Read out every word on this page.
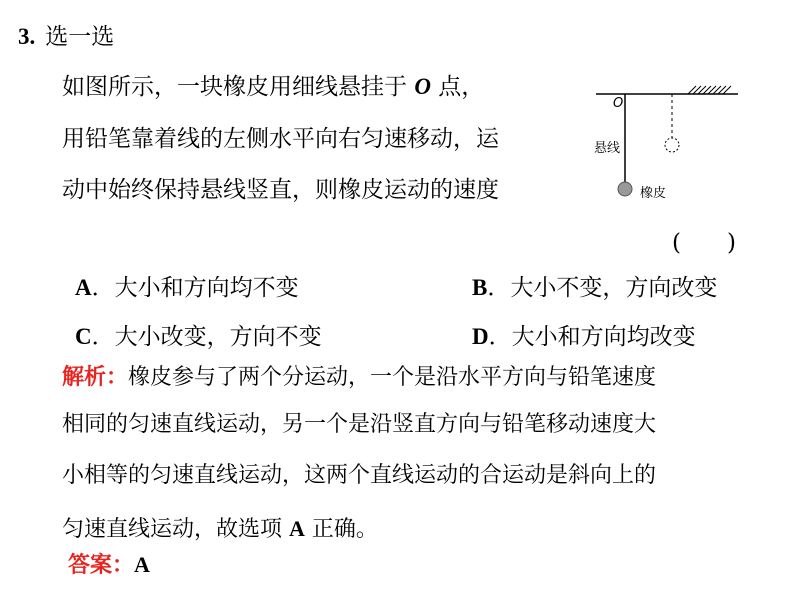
3. 选一选
如图所示，一块橡皮用细线悬挂于 O 点，
用铅笔靠着线的左侧水平向右匀速移动，运
动中始终保持悬线竖直，则橡皮运动的速度
(　　)
O
悬线
橡皮
A．大小和方向均不变	B．大小不变，方向改变
C．大小改变，方向不变	D．大小和方向均改变
解析：橡皮参与了两个分运动，一个是沿水平方向与铅笔速度
相同的匀速直线运动，另一个是沿竖直方向与铅笔移动速度大
小相等的匀速直线运动，这两个直线运动的合运动是斜向上的
匀速直线运动，故选项 A 正确。
答案：A
